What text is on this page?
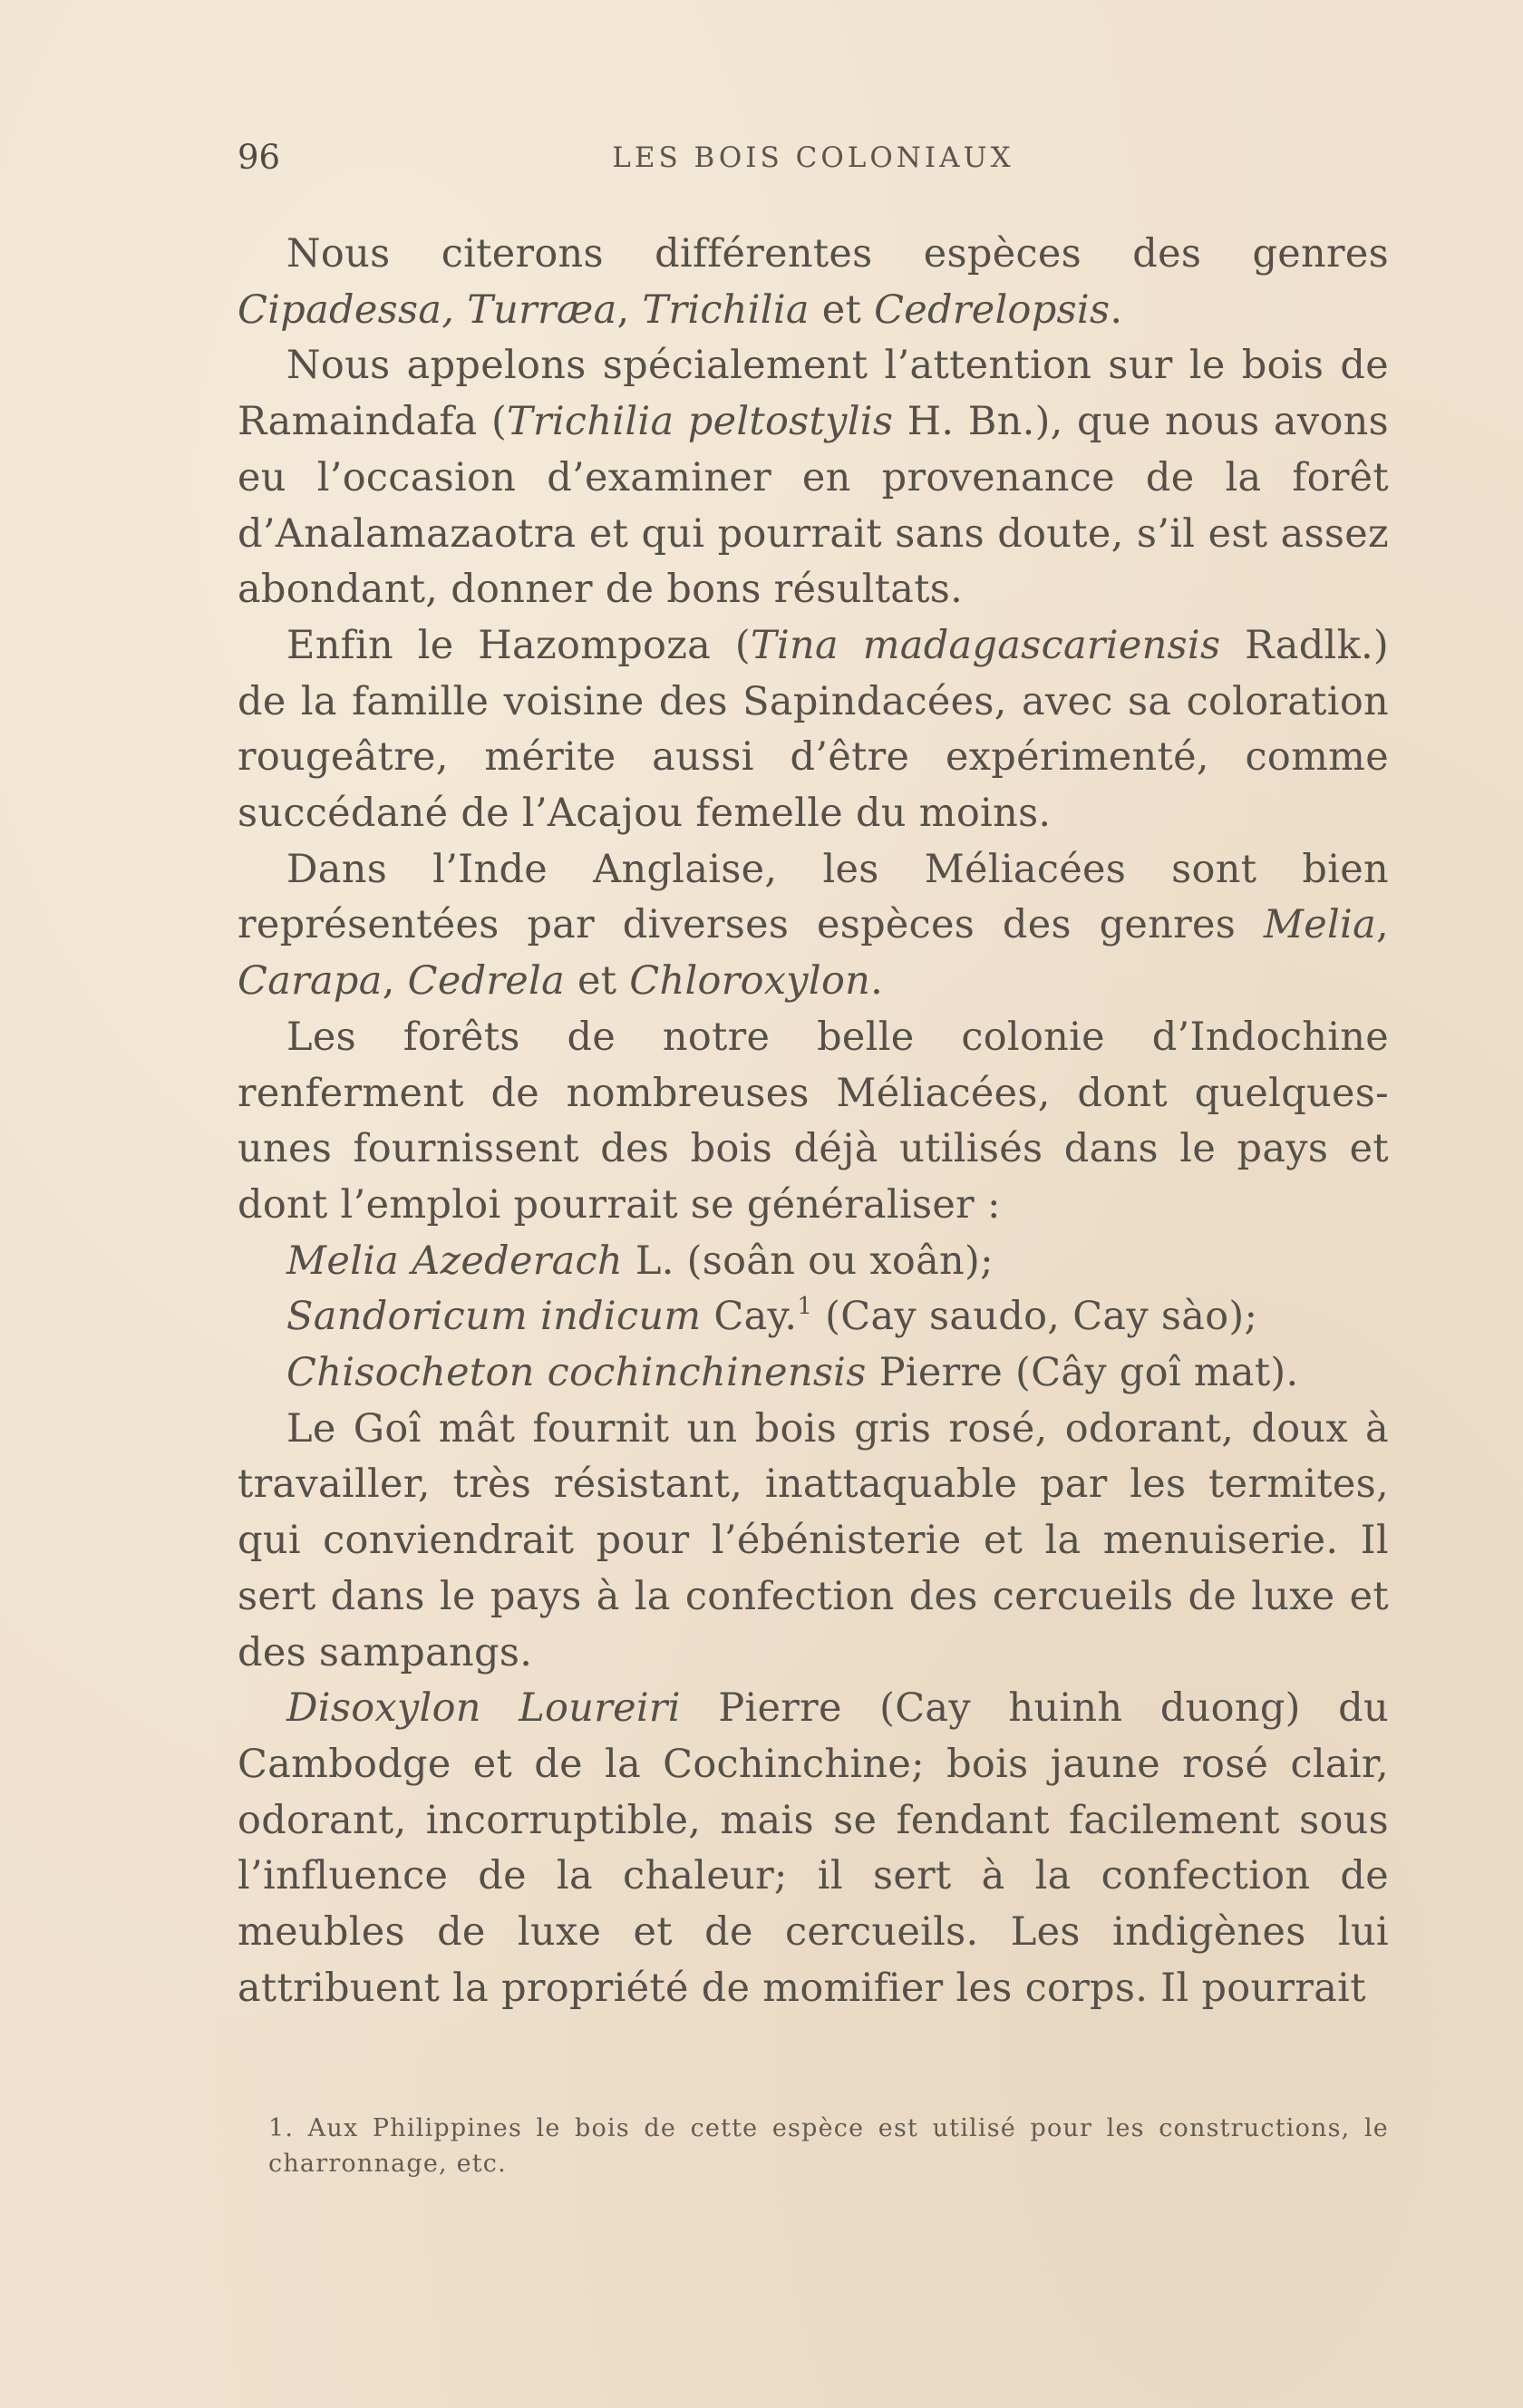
96	LES BOIS COLONIAUX

Nous citerons différentes espèces des genres Cipadessa, Turræa, Trichilia et Cedrelopsis.

Nous appelons spécialement l’attention sur le bois de Ramaindafa (Trichilia peltostylis H. Bn.), que nous avons eu l’occasion d’examiner en provenance de la forêt d’Analamazaotra et qui pourrait sans doute, s’il est assez abondant, donner de bons résultats.

Enfin le Hazompoza (Tina madagascariensis Radlk.) de la famille voisine des Sapindacées, avec sa coloration rougeâtre, mérite aussi d’être expérimenté, comme succédané de l’Acajou femelle du moins.

Dans l’Inde Anglaise, les Méliacées sont bien représentées par diverses espèces des genres Melia, Carapa, Cedrela et Chloroxylon.

Les forêts de notre belle colonie d’Indochine renferment de nombreuses Méliacées, dont quelques-unes fournissent des bois déjà utilisés dans le pays et dont l’emploi pourrait se généraliser :

Melia Azederach L. (soân ou xoân);

Sandoricum indicum Cay.$^1$ (Cay saudo, Cay sào);

Chisocheton cochinchinensis Pierre (Cây goî mat).

Le Goî mât fournit un bois gris rosé, odorant, doux à travailler, très résistant, inattaquable par les termites, qui conviendrait pour l’ébénisterie et la menuiserie. Il sert dans le pays à la confection des cercueils de luxe et des sampangs.

Disoxylon Loureiri Pierre (Cay huinh duong) du Cambodge et de la Cochinchine; bois jaune rosé clair, odorant, incorruptible, mais se fendant facilement sous l’influence de la chaleur; il sert à la confection de meubles de luxe et de cercueils. Les indigènes lui attribuent la propriété de momifier les corps. Il pourrait

1. Aux Philippines le bois de cette espèce est utilisé pour les constructions, le charronnage, etc.
